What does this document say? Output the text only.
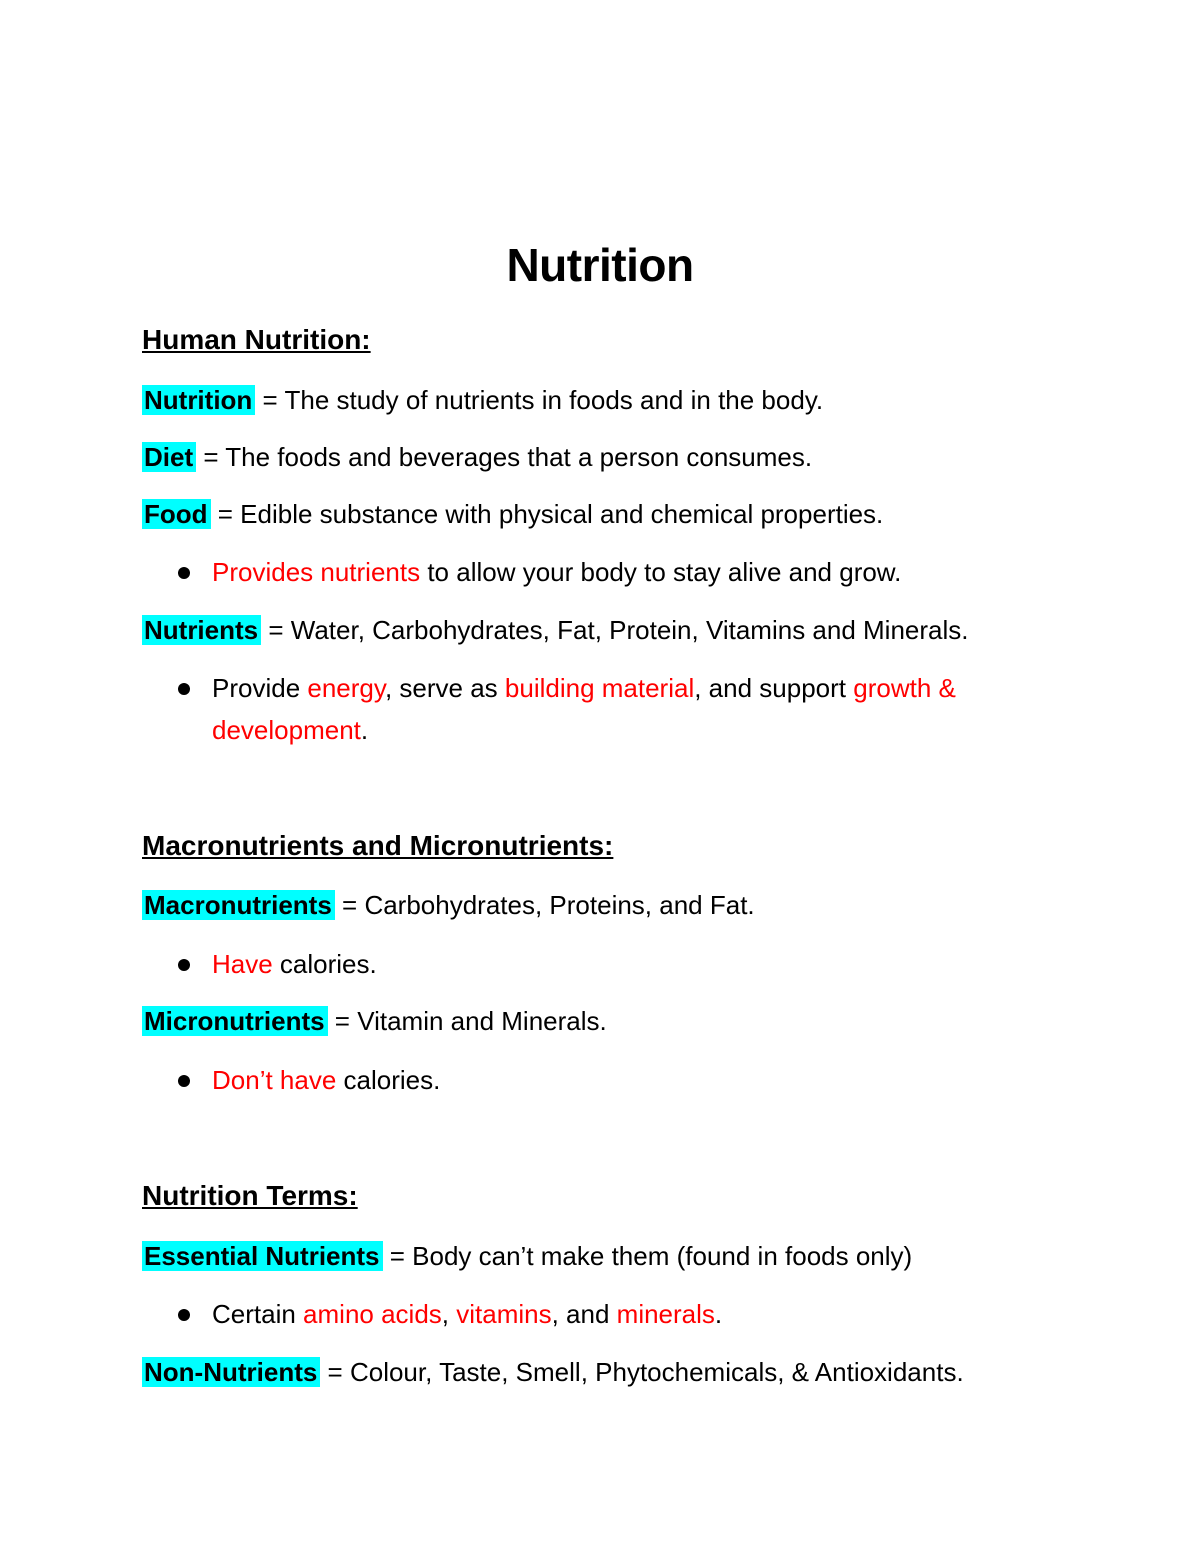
Nutrition
Human Nutrition:
Nutrition = The study of nutrients in foods and in the body.
Diet = The foods and beverages that a person consumes.
Food = Edible substance with physical and chemical properties.
Provides nutrients to allow your body to stay alive and grow.
Nutrients = Water, Carbohydrates, Fat, Protein, Vitamins and Minerals.
Provide energy, serve as building material, and support growth &
development.
Macronutrients and Micronutrients:
Macronutrients = Carbohydrates, Proteins, and Fat.
Have calories.
Micronutrients = Vitamin and Minerals.
Don’t have calories.
Nutrition Terms:
Essential Nutrients = Body can’t make them (found in foods only)
Certain amino acids, vitamins, and minerals.
Non-Nutrients = Colour, Taste, Smell, Phytochemicals, & Antioxidants.
